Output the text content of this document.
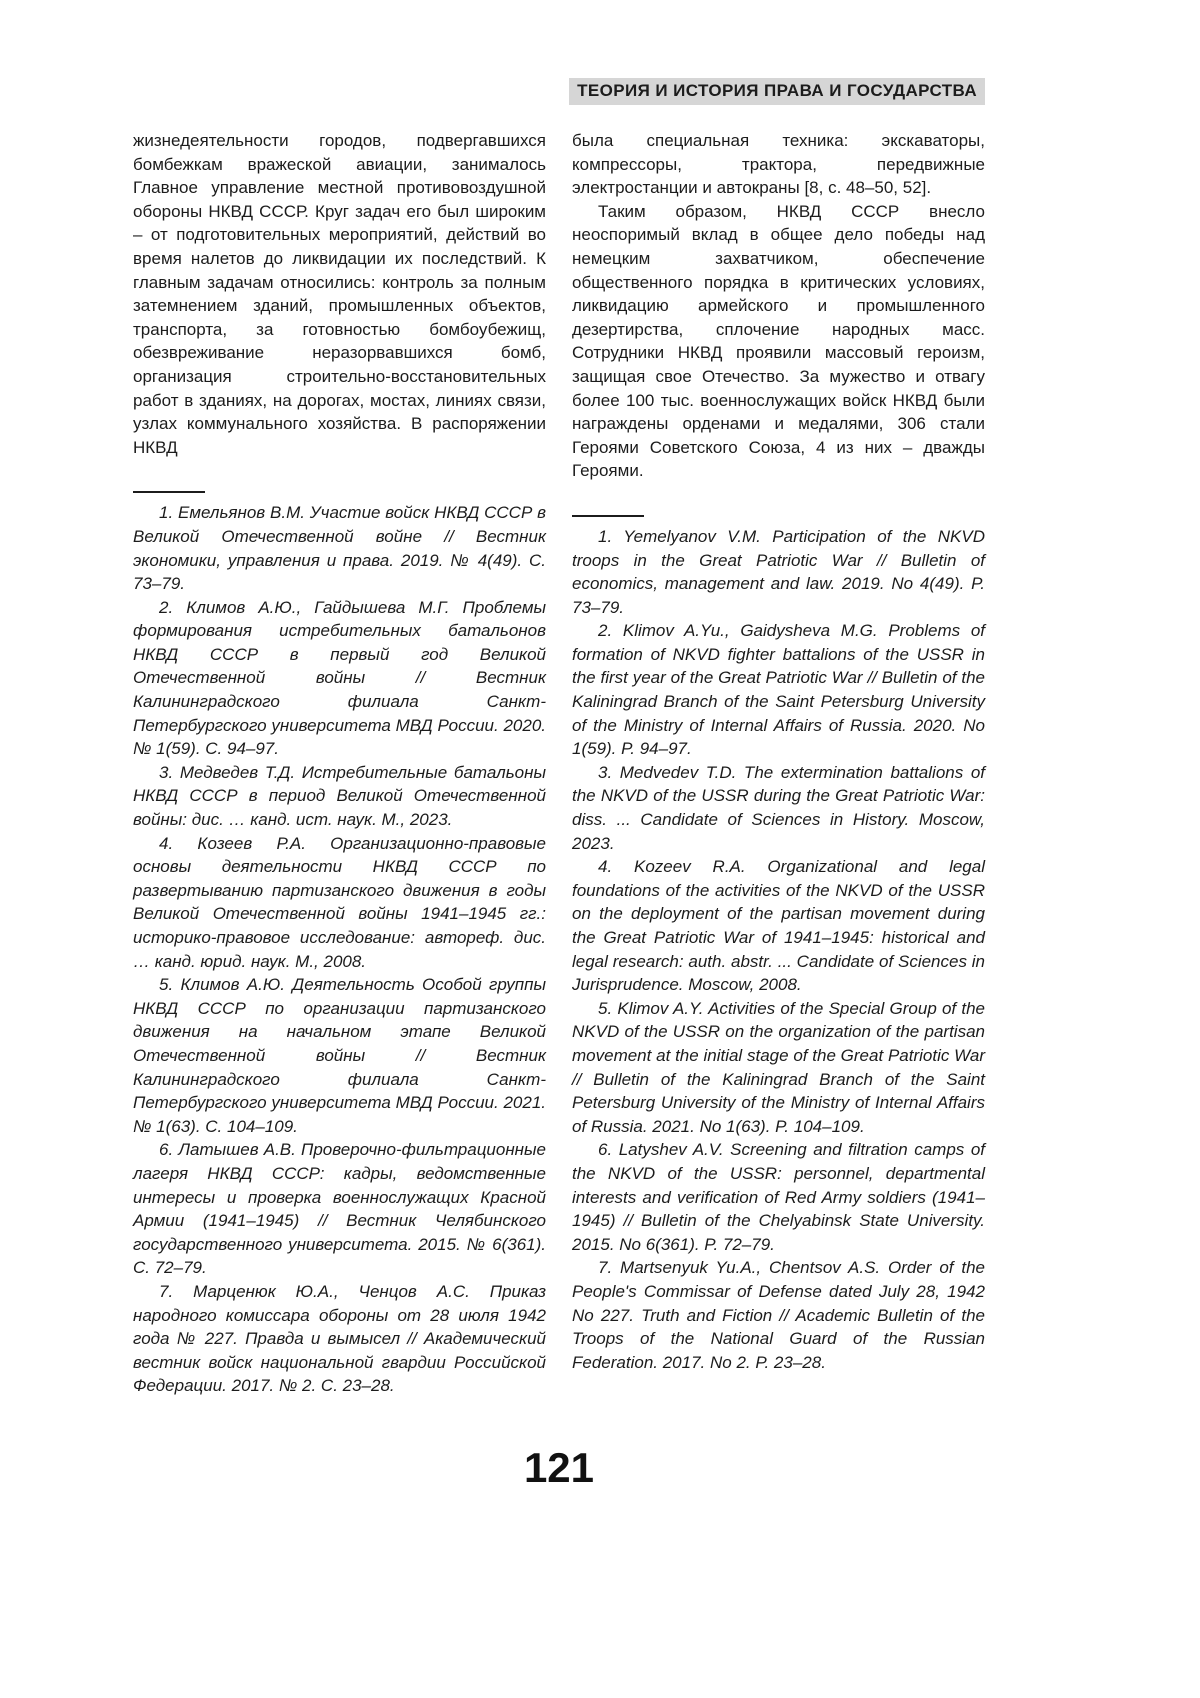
ТЕОРИЯ И ИСТОРИЯ ПРАВА И ГОСУДАРСТВА

жизнедеятельности городов, подвергавшихся бомбежкам вражеской авиации, занималось Главное управление местной противовоздушной обороны НКВД СССР. Круг задач его был широким – от подготовительных мероприятий, действий во время налетов до ликвидации их последствий. К главным задачам относились: контроль за полным затемнением зданий, промышленных объектов, транспорта, за готовностью бомбоубежищ, обезвреживание неразорвавшихся бомб, организация строительно-восстановительных работ в зданиях, на дорогах, мостах, линиях связи, узлах коммунального хозяйства. В распоряжении НКВД

1. Емельянов В.М. Участие войск НКВД СССР в Великой Отечественной войне // Вестник экономики, управления и права. 2019. № 4(49). С. 73–79.

2. Климов А.Ю., Гайдышева М.Г. Проблемы формирования истребительных батальонов НКВД СССР в первый год Великой Отечественной войны // Вестник Калининградского филиала Санкт-Петербургского университета МВД России. 2020. № 1(59). С. 94–97.

3. Медведев Т.Д. Истребительные батальоны НКВД СССР в период Великой Отечественной войны: дис. … канд. ист. наук. М., 2023.

4. Козеев Р.А. Организационно-правовые основы деятельности НКВД СССР по развертыванию партизанского движения в годы Великой Отечественной войны 1941–1945 гг.: историко-правовое исследование: автореф. дис. … канд. юрид. наук. М., 2008.

5. Климов А.Ю. Деятельность Особой группы НКВД СССР по организации партизанского движения на начальном этапе Великой Отечественной войны // Вестник Калининградского филиала Санкт-Петербургского университета МВД России. 2021. № 1(63). С. 104–109.

6. Латышев А.В. Проверочно-фильтрационные лагеря НКВД СССР: кадры, ведомственные интересы и проверка военнослужащих Красной Армии (1941–1945) // Вестник Челябинского государственного университета. 2015. № 6(361). С. 72–79.

7. Марценюк Ю.А., Ченцов А.С. Приказ народного комиссара обороны от 28 июля 1942 года № 227. Правда и вымысел // Академический вестник войск национальной гвардии Российской Федерации. 2017. № 2. С. 23–28.

была специальная техника: экскаваторы, компрессоры, трактора, передвижные электростанции и автокраны [8, с. 48–50, 52].

Таким образом, НКВД СССР внесло неоспоримый вклад в общее дело победы над немецким захватчиком, обеспечение общественного порядка в критических условиях, ликвидацию армейского и промышленного дезертирства, сплочение народных масс. Сотрудники НКВД проявили массовый героизм, защищая свое Отечество. За мужество и отвагу более 100 тыс. военнослужащих войск НКВД были награждены орденами и медалями, 306 стали Героями Советского Союза, 4 из них – дважды Героями.

1. Yemelyanov V.M. Participation of the NKVD troops in the Great Patriotic War // Bulletin of economics, management and law. 2019. No 4(49). P. 73–79.

2. Klimov A.Yu., Gaidysheva M.G. Problems of formation of NKVD fighter battalions of the USSR in the first year of the Great Patriotic War // Bulletin of the Kaliningrad Branch of the Saint Petersburg University of the Ministry of Internal Affairs of Russia. 2020. No 1(59). P. 94–97.

3. Medvedev T.D. The extermination battalions of the NKVD of the USSR during the Great Patriotic War: diss. ... Candidate of Sciences in History. Moscow, 2023.

4. Kozeev R.A. Organizational and legal foundations of the activities of the NKVD of the USSR on the deployment of the partisan movement during the Great Patriotic War of 1941–1945: historical and legal research: auth. abstr. ... Candidate of Sciences in Jurisprudence. Moscow, 2008.

5. Klimov A.Y. Activities of the Special Group of the NKVD of the USSR on the organization of the partisan movement at the initial stage of the Great Patriotic War // Bulletin of the Kaliningrad Branch of the Saint Petersburg University of the Ministry of Internal Affairs of Russia. 2021. No 1(63). P. 104–109.

6. Latyshev A.V. Screening and filtration camps of the NKVD of the USSR: personnel, departmental interests and verification of Red Army soldiers (1941–1945) // Bulletin of the Chelyabinsk State University. 2015. No 6(361). P. 72–79.

7. Martsenyuk Yu.A., Chentsov A.S. Order of the People's Commissar of Defense dated July 28, 1942 No 227. Truth and Fiction // Academic Bulletin of the Troops of the National Guard of the Russian Federation. 2017. No 2. P. 23–28.

121
